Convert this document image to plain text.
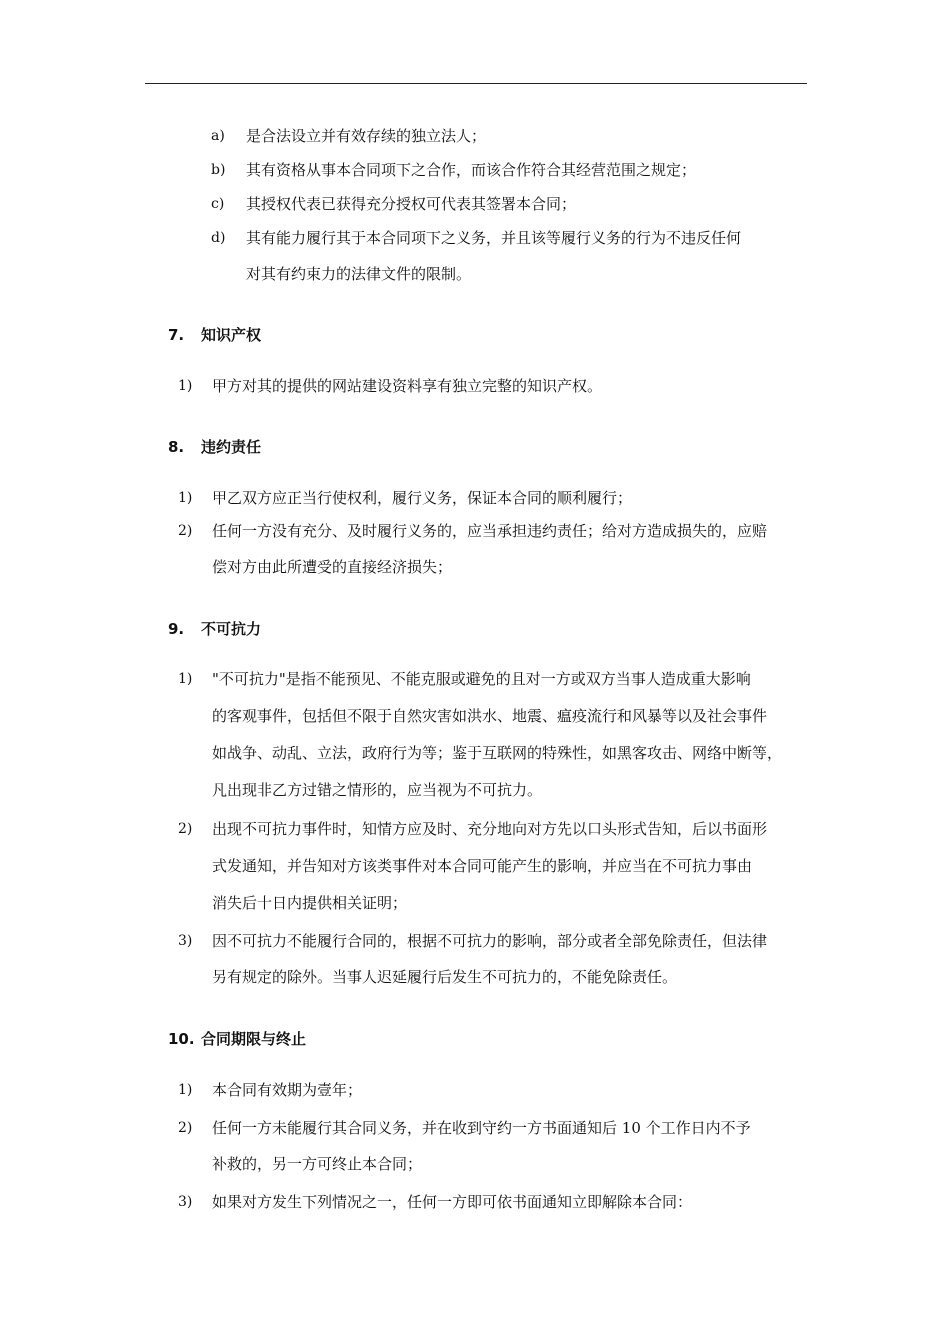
a) 是合法设立并有效存续的独立法人；
b) 其有资格从事本合同项下之合作，而该合作符合其经营范围之规定；
c) 其授权代表已获得充分授权可代表其签署本合同；
d) 其有能力履行其于本合同项下之义务，并且该等履行义务的行为不违反任何
对其有约束力的法律文件的限制。
7. 知识产权
1) 甲方对其的提供的网站建设资料享有独立完整的知识产权。
8. 违约责任
1) 甲乙双方应正当行使权利，履行义务，保证本合同的顺利履行；
2) 任何一方没有充分、及时履行义务的，应当承担违约责任；给对方造成损失的，应赔
偿对方由此所遭受的直接经济损失；
9. 不可抗力
1) "不可抗力"是指不能预见、不能克服或避免的且对一方或双方当事人造成重大影响
的客观事件，包括但不限于自然灾害如洪水、地震、瘟疫流行和风暴等以及社会事件
如战争、动乱、立法，政府行为等；鉴于互联网的特殊性，如黑客攻击、网络中断等，
凡出现非乙方过错之情形的，应当视为不可抗力。
2) 出现不可抗力事件时，知情方应及时、充分地向对方先以口头形式告知，后以书面形
式发通知，并告知对方该类事件对本合同可能产生的影响，并应当在不可抗力事由
消失后十日内提供相关证明；
3) 因不可抗力不能履行合同的，根据不可抗力的影响，部分或者全部免除责任，但法律
另有规定的除外。当事人迟延履行后发生不可抗力的，不能免除责任。
10. 合同期限与终止
1) 本合同有效期为壹年；
2) 任何一方未能履行其合同义务，并在收到守约一方书面通知后 10 个工作日内不予
补救的，另一方可终止本合同；
3) 如果对方发生下列情况之一，任何一方即可依书面通知立即解除本合同：
